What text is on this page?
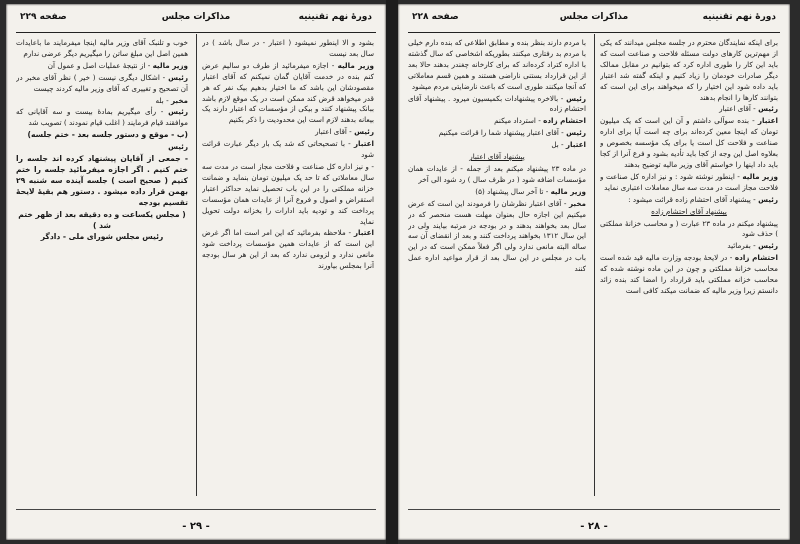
دورهٔ نهم تقنینیه
مذاکرات مجلس
صفحه ۲۲۹

بشود و الا اینطور نمیشود ( اعتبار - در سال باشد ) در سال بعد نیست

وزیر مالیه - اجازه میفرمائید از طرف دو سالیم عرض کنم بنده در خدمت آقایان گمان نمیکنم که آقای اعتبار مقصودشان این باشد که ما اختیار بدهیم بیک نفر که هر قدر میخواهد قرض کند ممکن است در یک موقع لازم باشد ببانک پیشنهاد کنند و بیکی از مؤسسات که اعتبار دارند یک بیعانه بدهند لازم است این محدودیت را ذکر بکنیم

رئیس - آقای اعتبار

اعتبار - با تصحیحاتی که شد یک بار دیگر عبارت قرائت شود

- و نیز اداره کل صناعت و فلاحت مجاز است در مدت سه سال معاملاتی که تا حد یک میلیون تومان بنماید و ضمانت خزانه مملکتی را در این باب تحصیل نماید حداکثر اعتبار استقراض و اصول و فروع آنرا از عایدات همان مؤسسات پرداخت کند و تودیه باید ادارات را بخزانه دولت تحویل نماید

اعتبار - ملاحظه بفرمائید که این امر است اما اگر غرض این است که از عایدات همین مؤسسات پرداخت شود مانعی ندارد و لزومی ندارد که بعد از این هر سال بودجه آنرا بمجلس بیاورند

خوب و تلنبک آقای وزیر مالیه اینجا میفرمایند ما باعایدات همین اصل این مبلغ ساتن را میگیریم دیگر عرضی ندارم

وزیر مالیه - از نتیجهٔ عملیات اصل و عمول آن

رئیس - اشکال دیگری نیست ( خیر ) نظر آقای مخبر در آن تصحیح و تغییری که آقای وزیر مالیه کردند چیست

مخبر - بله

رئیس - رأی میگیریم بمادهٔ بیست و سه آقایانی که موافقند قیام فرمایند ( اغلب قیام نمودند ) تصویب شد

(ب - موقع و دستور جلسه بعد - ختم جلسه)

رئیس

- جمعی از آقایان پیشنهاد کرده اند جلسه را ختم کنیم . اگر اجازه میفرمائید جلسه را ختم کنیم ( صحیح است ) جلسه آینده سه شنبه ۲۹ بهمن قرار داده میشود . دستور هم بقیهٔ لایحهٔ تقسیم بودجه

( مجلس یکساعت و ده دقیقه بعد از ظهر ختم شد )

رئیس مجلس شورای ملی - دادگر

- ۲۹ -
دورهٔ نهم تقنینیه
مذاکرات مجلس
صفحه ۲۲۸

برای اینکه نمایندگان محترم در جلسه مجلس میدانند که یکی از مهم‌ترین کارهای دولت مسئله فلاحت و صناعت است که باید این کار را طوری اداره کرد که بتوانیم در مقابل ممالک دیگر صادرات خودمان را زیاد کنیم و اینکه گفته شد اعتبار باید داده شود این اختیار را که میخواهند برای این است که بتوانند کارها را انجام بدهند

رئیس - آقای اعتبار

اعتبار - بنده سوآلی داشتم و آن این است که یک میلیون تومان که اینجا معین کرده‌اند برای چه است آیا برای اداره صناعت و فلاحت کل است یا برای یک مؤسسه بخصوص و بعلاوه اصل این وجه از کجا باید تأدیه بشود و فرع آنرا از کجا باید داد اینها را خواستم آقای وزیر مالیه توضیح بدهند

وزیر مالیه - اینطور نوشته شود : و نیز اداره کل صناعت و فلاحت مجاز است در مدت سه سال معاملات اعتباری نماید

رئیس - پیشنهاد آقای احتشام زاده قرائت میشود :

پیشنهاد آقای احتشام زاده

پیشنهاد میکنم در ماده ۲۳ عبارت ( و محاسب خزانهٔ مملکتی ) حذف شود

رئیس - بفرمائید

احتشام زاده - در لایحهٔ بودجه وزارت مالیه قید شده است محاسب خزانهٔ مملکتی و چون در این ماده نوشته شده که محاسب خزانه مملکتی باید قرارداد را امضا کند بنده زائد دانستم زیرا وزیر مالیه که ضمانت میکند کافی است

با مردم دارند بنظر بنده و مطابق اطلاعی که بنده دارم خیلی با مردم بد رفتاری میکنند بطوریکه اشخاصی که سال گذشته با اداره کتراد کرده‌اند که برای کارخانه چغندر بدهند حالا بعد از این قرارداد بستنی ناراضی هستند و همین قسم معاملاتی که آنجا میکنند طوری است که باعث نارضایتی مردم میشود

رئیس - بالاخره پیشنهادات بکمیسیون میرود . پیشنهاد آقای احتشام زاده

احتشام زاده - استرداد میکنم

رئیس - آقای اعتبار پیشنهاد شما را قرائت میکنیم

اعتبار - بل

پیشنهاد آقای اعتبار

در ماده ۲۳ پیشنهاد میکنم بعد از جمله - از عایدات همان مؤسسات اضافه شود ( در ظرف سال ) رد شود الی آخر

وزیر مالیه - تا آخر سال پیشنهاد (۵)

مخبر - آقای اعتبار نظرشان را فرمودند این است که عرض میکنیم این اجازه حال بعنوان مهلت هست منحصر که در سال بعد بخواهند بدهند و در بودجه در مرتبه بیایند ولی در این سال ۱۳۱۲ بخواهند پرداخت کنند و بعد از انقضای آن سه ساله البته مانعی ندارد ولی اگر فعلاً ممکن است که در این باب در مجلس در این سال بعد از قرار مواعید اداره عمل کنند

- ۲۸ -
